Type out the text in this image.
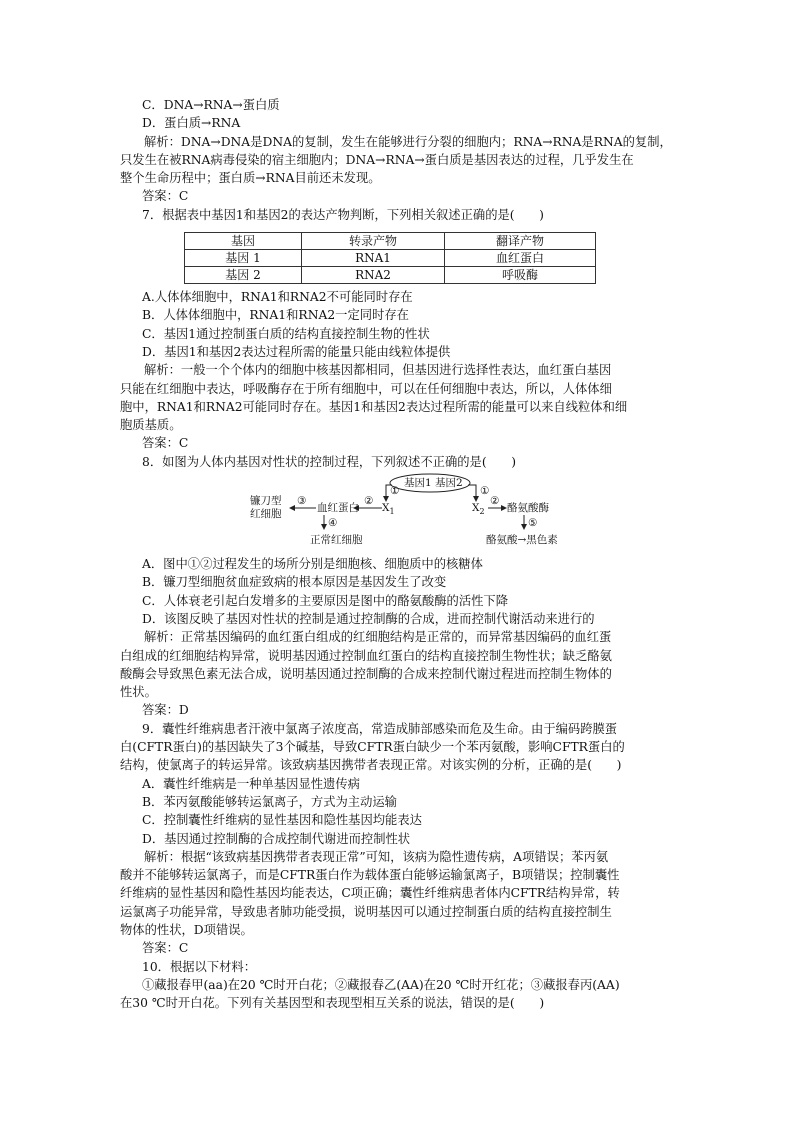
C．DNA→RNA→蛋白质
D．蛋白质→RNA
解析：DNA→DNA是DNA的复制，发生在能够进行分裂的细胞内；RNA→RNA是RNA的复制，
只发生在被RNA病毒侵染的宿主细胞内；DNA→RNA→蛋白质是基因表达的过程，几乎发生在
整个生命历程中；蛋白质→RNA目前还未发现。
答案：C
7．根据表中基因1和基因2的表达产物判断，下列相关叙述正确的是(　　)
基因	转录产物	翻译产物
基因 1	RNA1	血红蛋白
基因 2	RNA2	呼吸酶
A.人体体细胞中，RNA1和RNA2不可能同时存在
B．人体体细胞中，RNA1和RNA2一定同时存在
C．基因1通过控制蛋白质的结构直接控制生物的性状
D．基因1和基因2表达过程所需的能量只能由线粒体提供
解析：一般一个个体内的细胞中核基因都相同，但基因进行选择性表达，血红蛋白基因
只能在红细胞中表达，呼吸酶存在于所有细胞中，可以在任何细胞中表达，所以，人体体细
胞中，RNA1和RNA2可能同时存在。基因1和基因2表达过程所需的能量可以来自线粒体和细
胞质基质。
答案：C
8．如图为人体内基因对性状的控制过程，下列叙述不正确的是(　　)
基因1 基因2
镰刀型
红细胞
③
血红蛋白
②
①
$X_1$
①
$X_2$
②
酪氨酸酶
④	⑤
正常红细胞	酪氨酸→黑色素
A．图中①②过程发生的场所分别是细胞核、细胞质中的核糖体
B．镰刀型细胞贫血症致病的根本原因是基因发生了改变
C．人体衰老引起白发增多的主要原因是图中的酪氨酸酶的活性下降
D．该图反映了基因对性状的控制是通过控制酶的合成，进而控制代谢活动来进行的
解析：正常基因编码的血红蛋白组成的红细胞结构是正常的，而异常基因编码的血红蛋
白组成的红细胞结构异常，说明基因通过控制血红蛋白的结构直接控制生物性状；缺乏酪氨
酸酶会导致黑色素无法合成，说明基因通过控制酶的合成来控制代谢过程进而控制生物体的
性状。
答案：D
9．囊性纤维病患者汗液中氯离子浓度高，常造成肺部感染而危及生命。由于编码跨膜蛋
白(CFTR蛋白)的基因缺失了3个碱基，导致CFTR蛋白缺少一个苯丙氨酸，影响CFTR蛋白的
结构，使氯离子的转运异常。该致病基因携带者表现正常。对该实例的分析，正确的是(　　)
A．囊性纤维病是一种单基因显性遗传病
B．苯丙氨酸能够转运氯离子，方式为主动运输
C．控制囊性纤维病的显性基因和隐性基因均能表达
D．基因通过控制酶的合成控制代谢进而控制性状
解析：根据“该致病基因携带者表现正常”可知，该病为隐性遗传病，A项错误；苯丙氨
酸并不能够转运氯离子，而是CFTR蛋白作为载体蛋白能够运输氯离子，B项错误；控制囊性
纤维病的显性基因和隐性基因均能表达，C项正确；囊性纤维病患者体内CFTR结构异常，转
运氯离子功能异常，导致患者肺功能受损，说明基因可以通过控制蛋白质的结构直接控制生
物体的性状，D项错误。
答案：C
10．根据以下材料：
①藏报春甲(aa)在20 ℃时开白花；②藏报春乙(AA)在20 ℃时开红花；③藏报春丙(AA)
在30 ℃时开白花。下列有关基因型和表现型相互关系的说法，错误的是(　　)
